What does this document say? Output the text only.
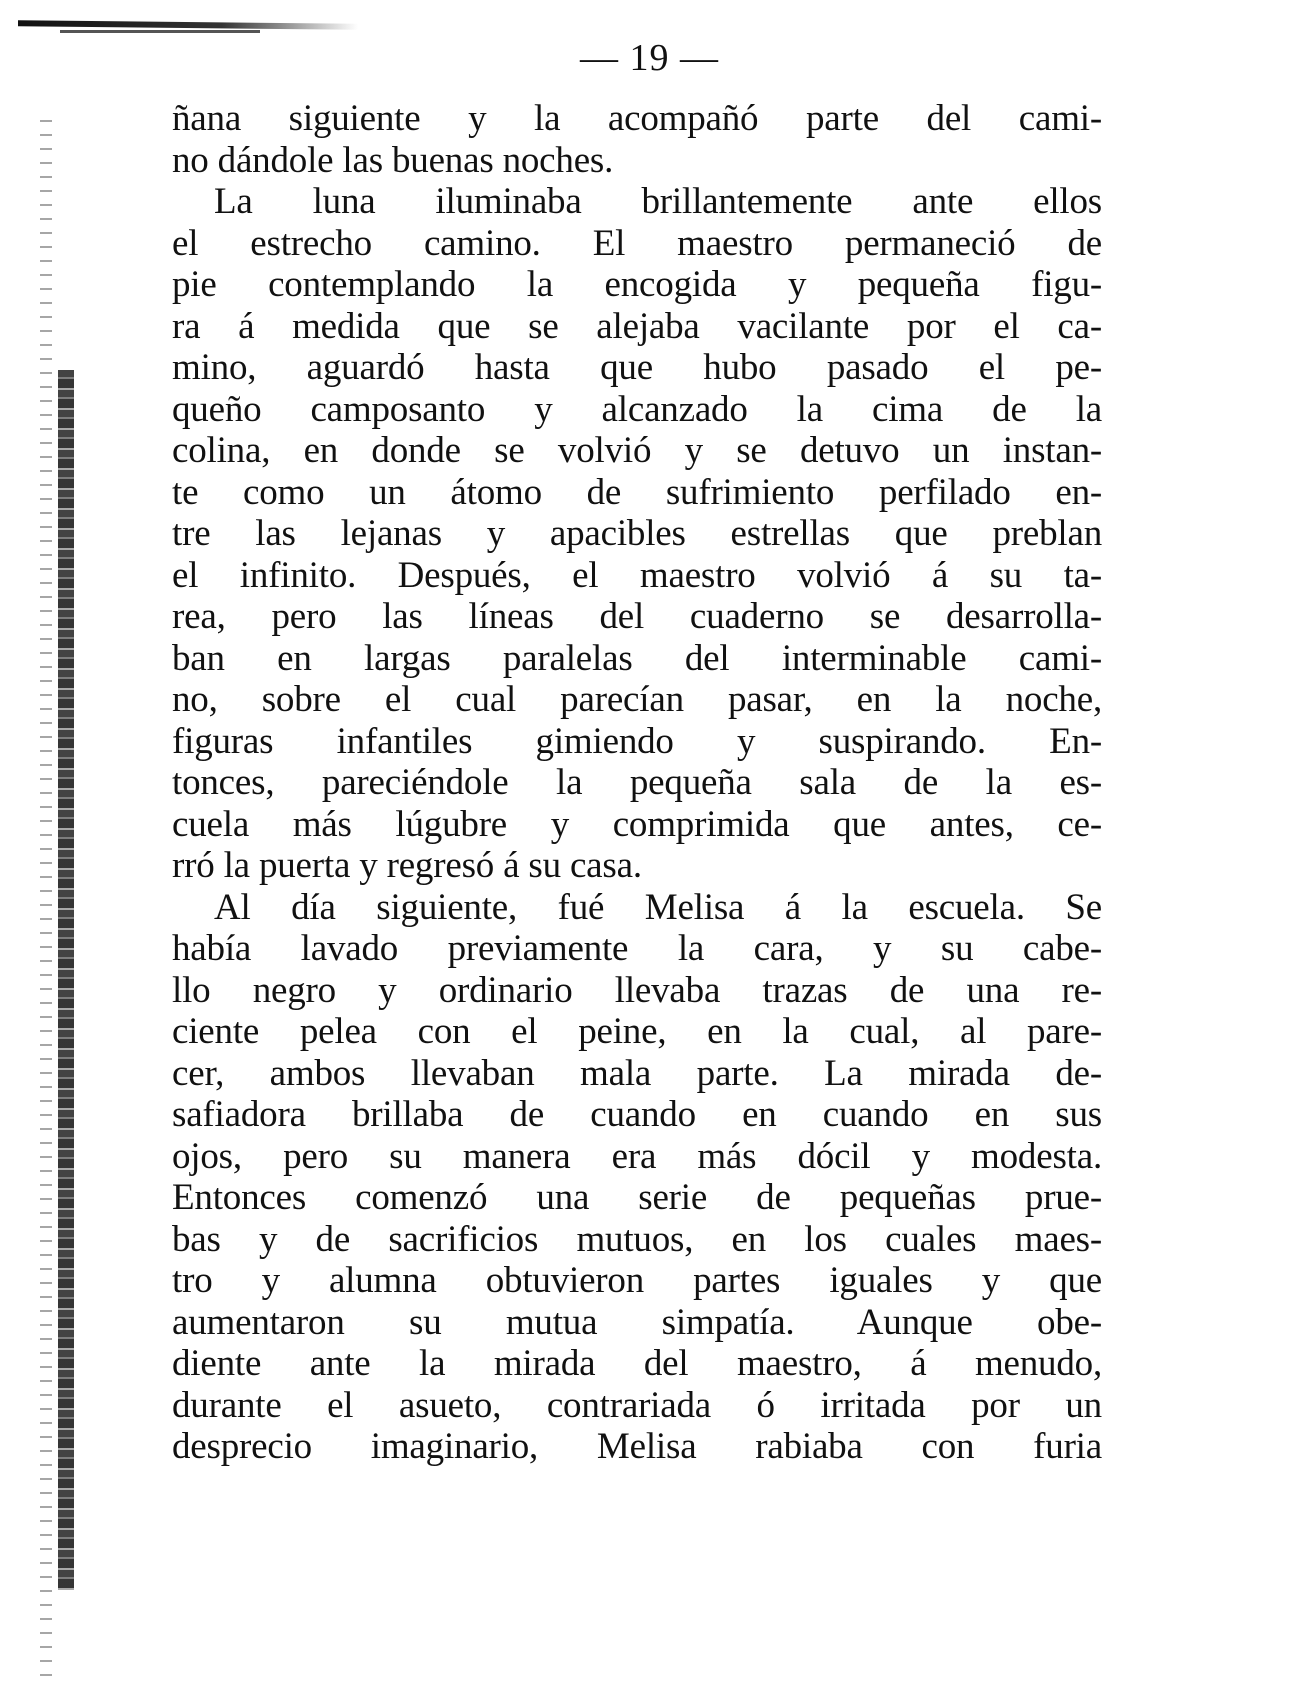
— 19 —
ñana siguiente y la acompañó parte del cami-
no dándole las buenas noches.
La luna iluminaba brillantemente ante ellos
el estrecho camino. El maestro permaneció de
pie contemplando la encogida y pequeña figu-
ra á medida que se alejaba vacilante por el ca-
mino, aguardó hasta que hubo pasado el pe-
queño camposanto y alcanzado la cima de la
colina, en donde se volvió y se detuvo un instan-
te como un átomo de sufrimiento perfilado en-
tre las lejanas y apacibles estrellas que preblan
el infinito. Después, el maestro volvió á su ta-
rea, pero las líneas del cuaderno se desarrolla-
ban en largas paralelas del interminable cami-
no, sobre el cual parecían pasar, en la noche,
figuras infantiles gimiendo y suspirando. En-
tonces, pareciéndole la pequeña sala de la es-
cuela más lúgubre y comprimida que antes, ce-
rró la puerta y regresó á su casa.
Al día siguiente, fué Melisa á la escuela. Se
había lavado previamente la cara, y su cabe-
llo negro y ordinario llevaba trazas de una re-
ciente pelea con el peine, en la cual, al pare-
cer, ambos llevaban mala parte. La mirada de-
safiadora brillaba de cuando en cuando en sus
ojos, pero su manera era más dócil y modesta.
Entonces comenzó una serie de pequeñas prue-
bas y de sacrificios mutuos, en los cuales maes-
tro y alumna obtuvieron partes iguales y que
aumentaron su mutua simpatía. Aunque obe-
diente ante la mirada del maestro, á menudo,
durante el asueto, contrariada ó irritada por un
desprecio imaginario, Melisa rabiaba con furia
